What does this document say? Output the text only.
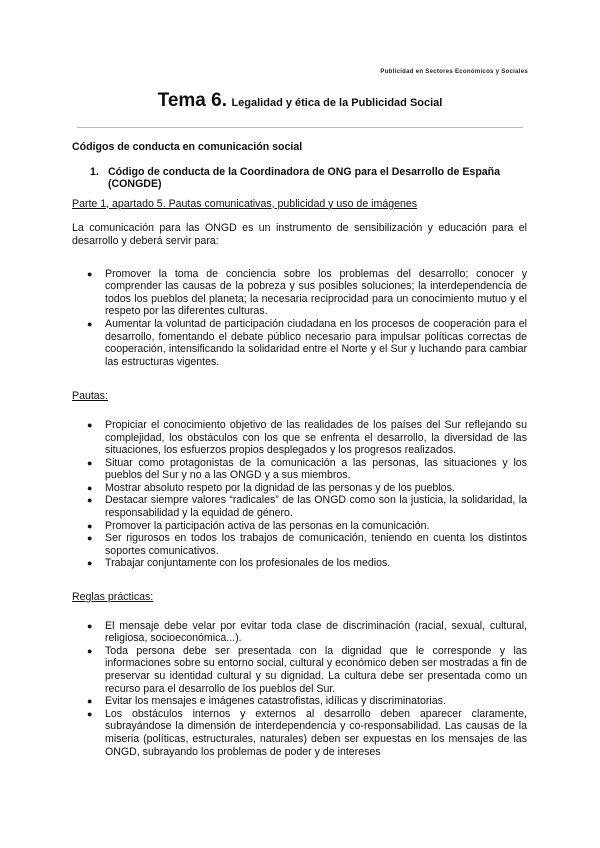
Publicidad en Sectores Económicos y Sociales
Tema 6. Legalidad y ética de la Publicidad Social
Códigos de conducta en comunicación social
1. Código de conducta de la Coordinadora de ONG para el Desarrollo de España (CONGDE)
Parte 1, apartado 5. Pautas comunicativas, publicidad y uso de imágenes
La comunicación para las ONGD es un instrumento de sensibilización y educación para el desarrollo y deberá servir para:
●	Promover la toma de conciencia sobre los problemas del desarrollo; conocer y comprender las causas de la pobreza y sus posibles soluciones; la interdependencia de todos los pueblos del planeta; la necesaria reciprocidad para un conocimiento mutuo y el respeto por las diferentes culturas.
●	Aumentar la voluntad de participación ciudadana en los procesos de cooperación para el desarrollo, fomentando el debate público necesario para impulsar políticas correctas de cooperación, intensificando la solidaridad entre el Norte y el Sur y luchando para cambiar las estructuras vigentes.
Pautas:
●	Propiciar el conocimiento objetivo de las realidades de los países del Sur reflejando su complejidad, los obstáculos con los que se enfrenta el desarrollo, la diversidad de las situaciones, los esfuerzos propios desplegados y los progresos realizados.
●	Situar como protagonistas de la comunicación a las personas, las situaciones y los pueblos del Sur y no a las ONGD y a sus miembros.
●	Mostrar absoluto respeto por la dignidad de las personas y de los pueblos.
●	Destacar siempre valores “radicales” de las ONGD como son la justicia, la solidaridad, la responsabilidad y la equidad de género.
●	Promover la participación activa de las personas en la comunicación.
●	Ser rigurosos en todos los trabajos de comunicación, teniendo en cuenta los distintos soportes comunicativos.
●	Trabajar conjuntamente con los profesionales de los medios.
Reglas prácticas:
●	El mensaje debe velar por evitar toda clase de discriminación (racial, sexual, cultural, religiosa, socioeconómica...).
●	Toda persona debe ser presentada con la dignidad que le corresponde y las informaciones sobre su entorno social, cultural y económico deben ser mostradas a fin de preservar su identidad cultural y su dignidad. La cultura debe ser presentada como un recurso para el desarrollo de los pueblos del Sur.
●	Evitar los mensajes e imágenes catastrofistas, idílicas y discriminatorias.
●	Los obstáculos internos y externos al desarrollo deben aparecer claramente, subrayándose la dimensión de interdependencia y co-responsabilidad. Las causas de la miseria (políticas, estructurales, naturales) deben ser expuestas en los mensajes de las ONGD, subrayando los problemas de poder y de intereses
